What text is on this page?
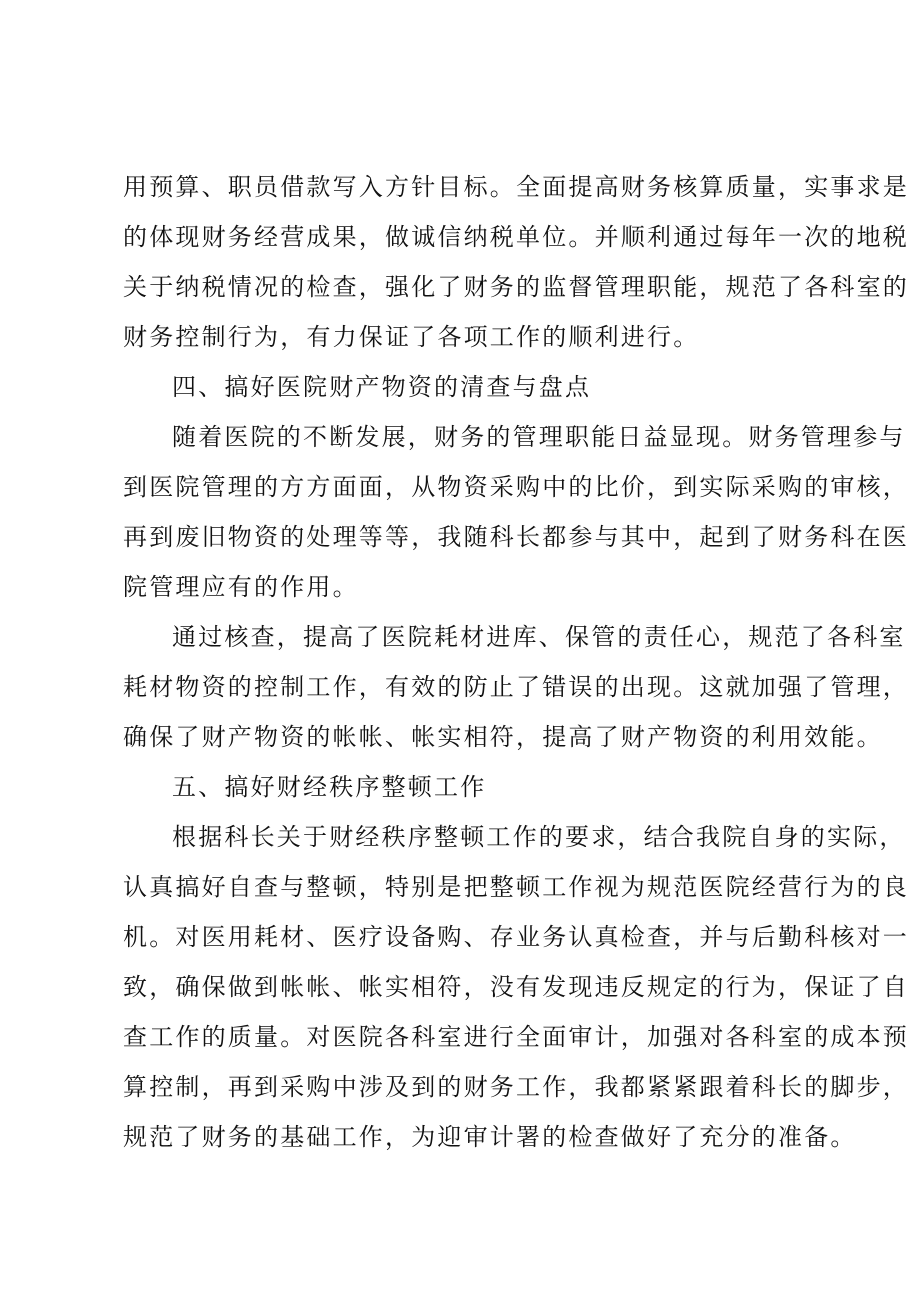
用预算、职员借款写入方针目标。全面提高财务核算质量，实事求是

的体现财务经营成果，做诚信纳税单位。并顺利通过每年一次的地税

关于纳税情况的检查，强化了财务的监督管理职能，规范了各科室的

财务控制行为，有力保证了各项工作的顺利进行。

四、搞好医院财产物资的清查与盘点

随着医院的不断发展，财务的管理职能日益显现。财务管理参与

到医院管理的方方面面，从物资采购中的比价，到实际采购的审核，

再到废旧物资的处理等等，我随科长都参与其中，起到了财务科在医

院管理应有的作用。

通过核查，提高了医院耗材进库、保管的责任心，规范了各科室

耗材物资的控制工作，有效的防止了错误的出现。这就加强了管理，

确保了财产物资的帐帐、帐实相符，提高了财产物资的利用效能。

五、搞好财经秩序整顿工作

根据科长关于财经秩序整顿工作的要求，结合我院自身的实际，

认真搞好自查与整顿，特别是把整顿工作视为规范医院经营行为的良

机。对医用耗材、医疗设备购、存业务认真检查，并与后勤科核对一

致，确保做到帐帐、帐实相符，没有发现违反规定的行为，保证了自

查工作的质量。对医院各科室进行全面审计，加强对各科室的成本预

算控制，再到采购中涉及到的财务工作，我都紧紧跟着科长的脚步，

规范了财务的基础工作，为迎审计署的检查做好了充分的准备。
